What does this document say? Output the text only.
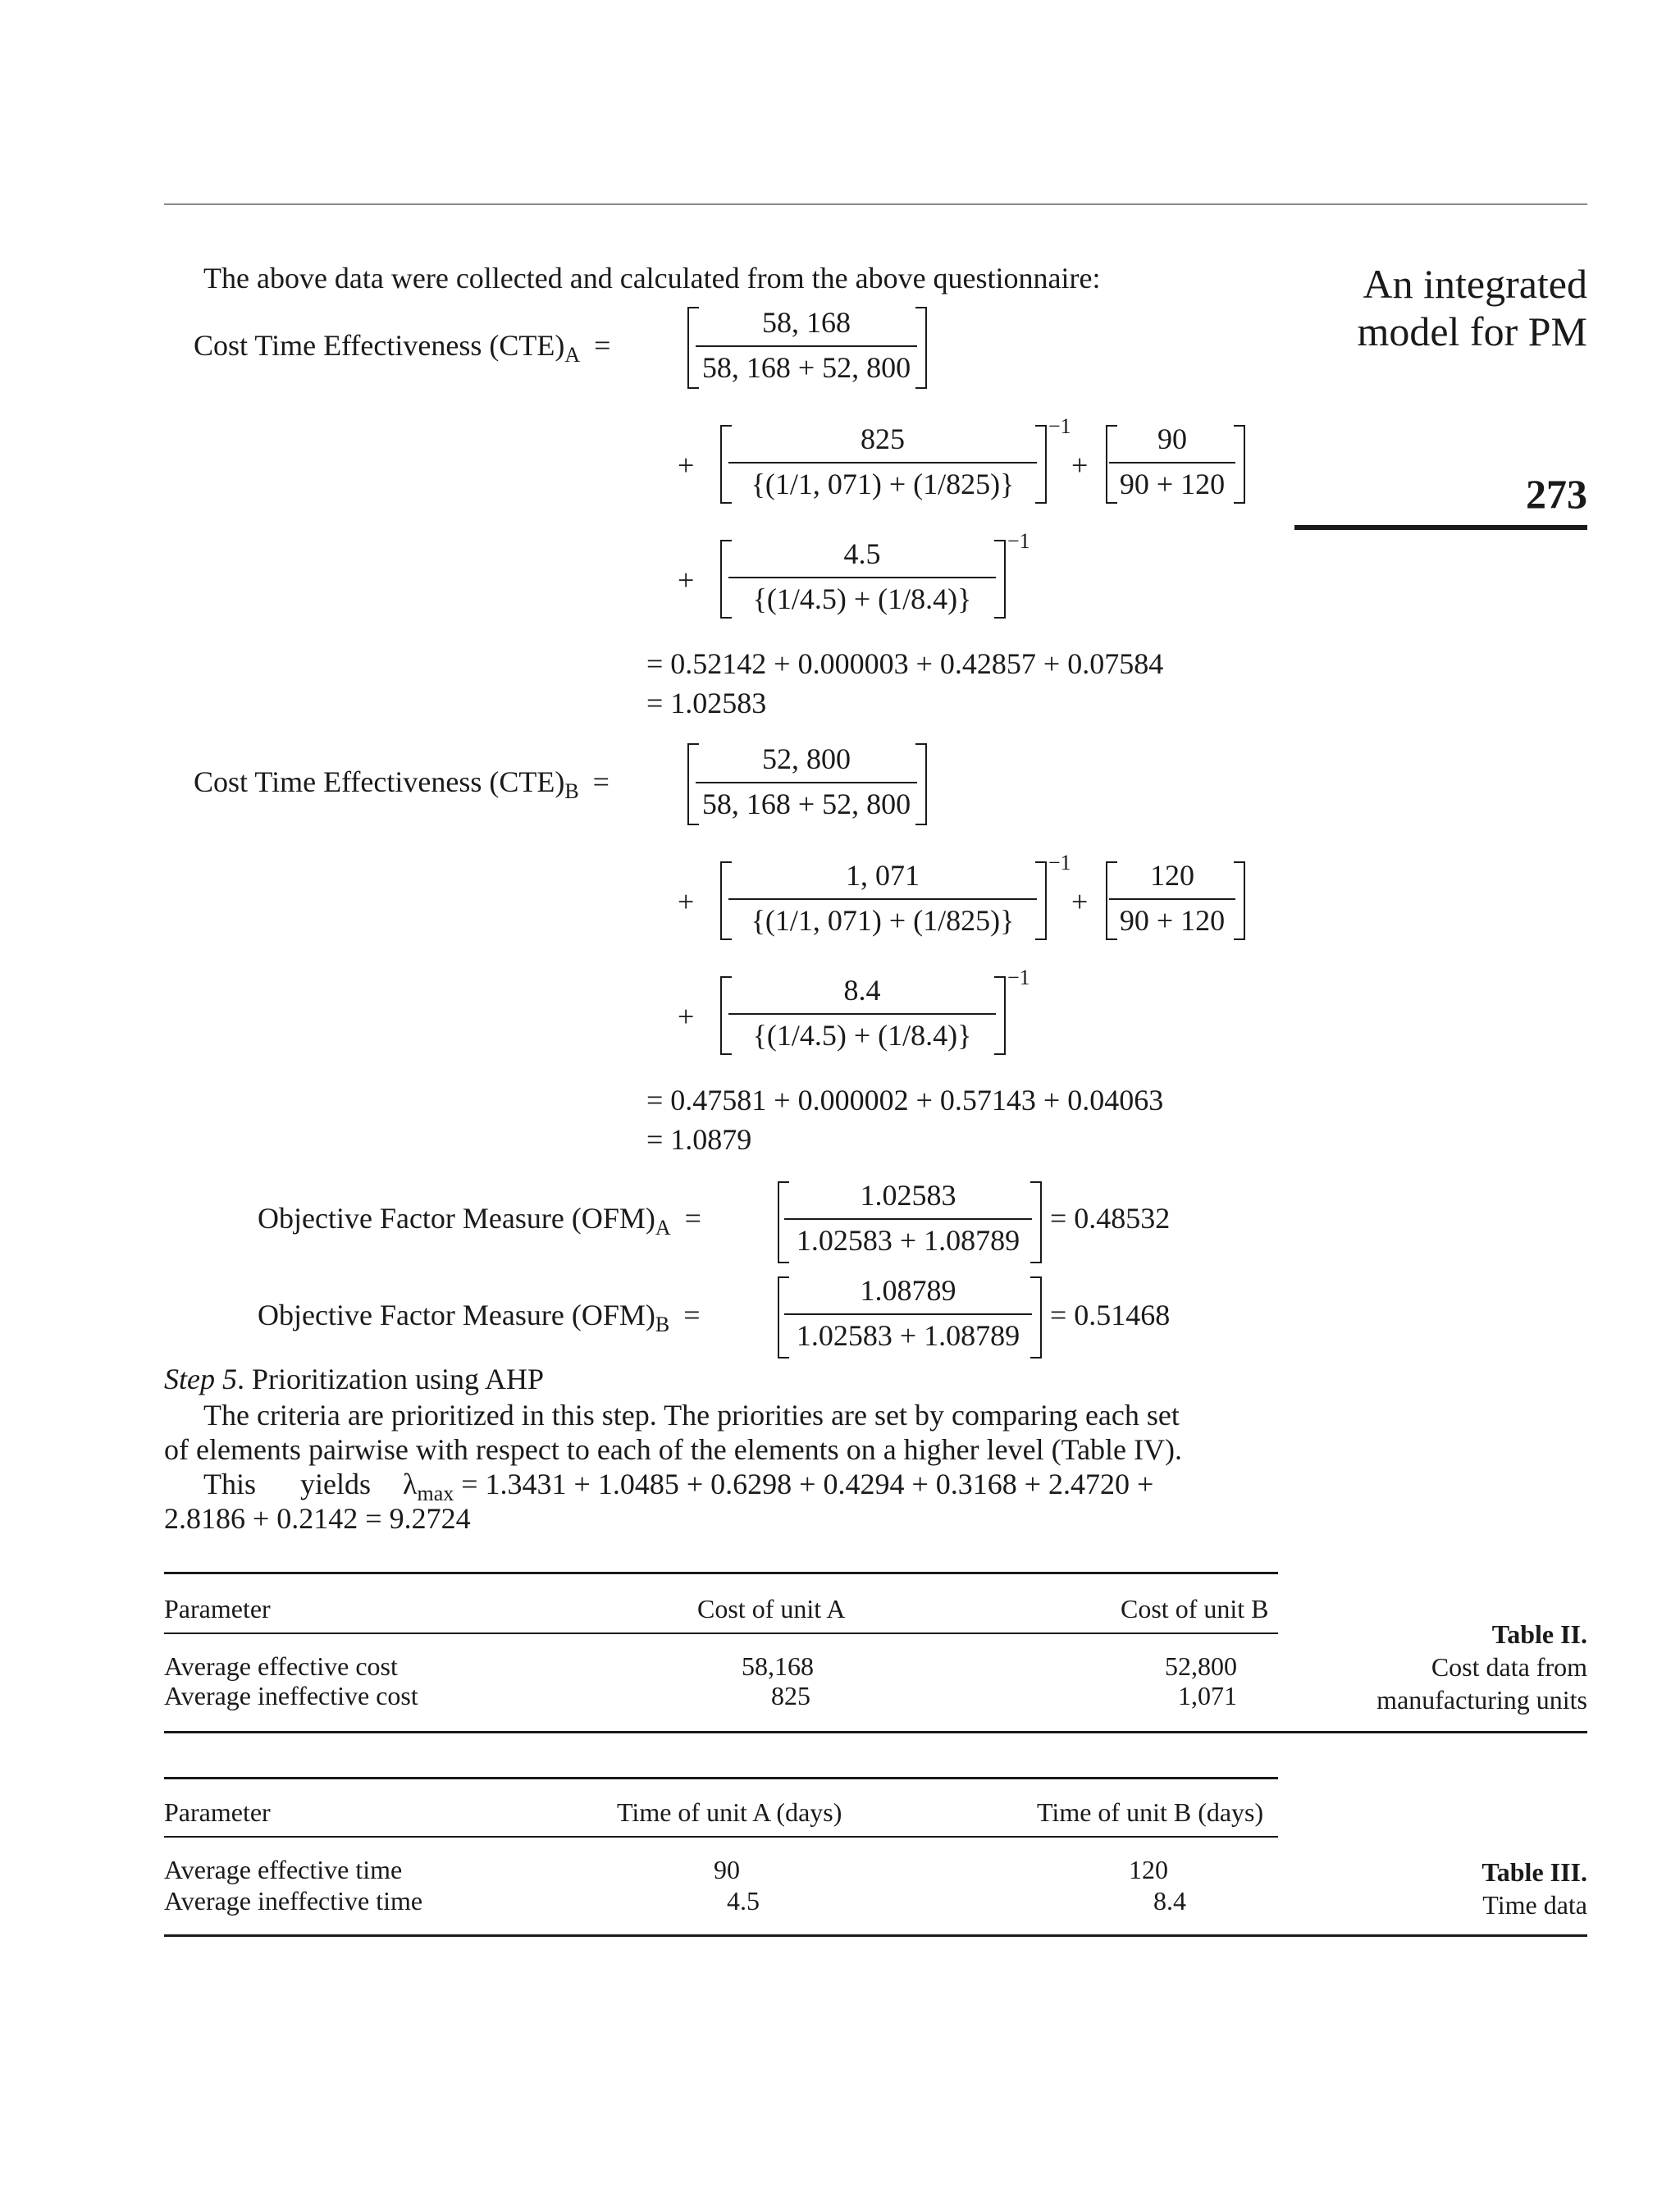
An integrated
model for PM
273
The above data were collected and calculated from the above questionnaire:
Cost Time Effectiveness $(CTE)_A$ =
58, 168
58, 168 + 52, 800
+
825
{(1/1, 071) + (1/825)}
−1
+
90
90 + 120
+
4.5
{(1/4.5) + (1/8.4)}
−1
= 0.52142 + 0.000003 + 0.42857 + 0.07584
= 1.02583
Cost Time Effectiveness $(CTE)_B$ =
52, 800
58, 168 + 52, 800
+
1, 071
{(1/1, 071) + (1/825)}
−1
+
120
90 + 120
+
8.4
{(1/4.5) + (1/8.4)}
−1
= 0.47581 + 0.000002 + 0.57143 + 0.04063
= 1.0879
Objective Factor Measure $(OFM)_A$ =
1.02583
1.02583 + 1.08789
= 0.48532
Objective Factor Measure $(OFM)_B$ =
1.08789
1.02583 + 1.08789
= 0.51468
Step 5. Prioritization using AHP
The criteria are prioritized in this step. The priorities are set by comparing each set
of elements pairwise with respect to each of the elements on a higher level (Table IV).
This      yields $\lambda_{max} = 1.3431 + 1.0485 + 0.6298 + 0.4294 + 0.3168 + 2.4720$ +
2.8186 + 0.2142 = 9.2724
Parameter	Cost of unit A	Cost of unit B
Average effective cost	58,168	52,800
Average ineffective cost	825	1,071
Table II.
Cost data from
manufacturing units
Parameter	Time of unit A (days)	Time of unit B (days)
Average effective time	90	120
Average ineffective time	4.5	8.4
Table III.
Time data
